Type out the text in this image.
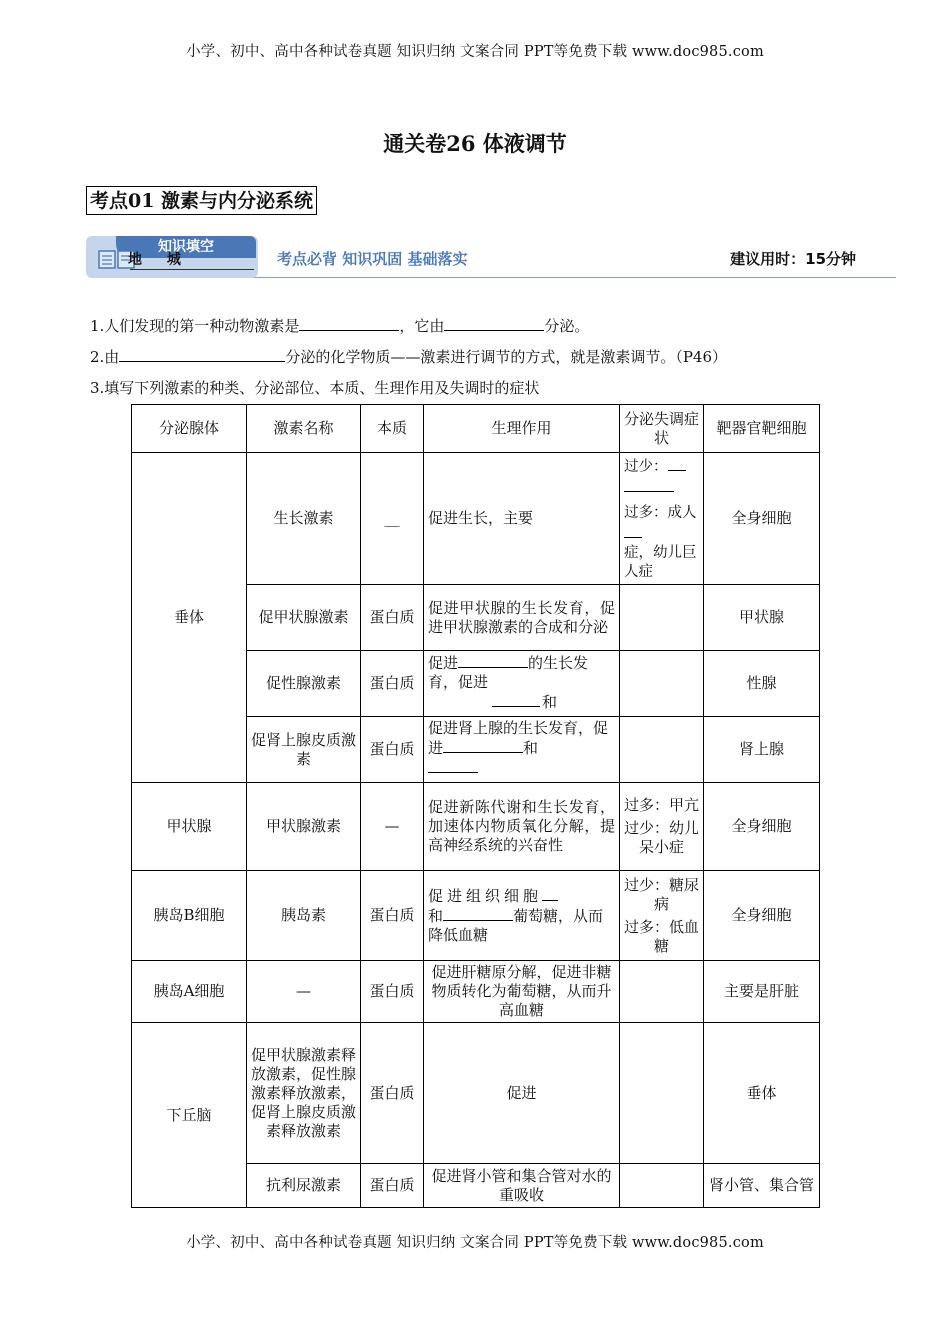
小学、初中、高中各种试卷真题 知识归纳 文案合同 PPT等免费下载 www.doc985.com
通关卷26 体液调节
考点01 激素与内分泌系统
知识填空
地 城	考点必背 知识巩固 基础落实	建议用时：15分钟
1.人们发现的第一种动物激素是	，它由	分泌。
2.由	分泌的化学物质——激素进行调节的方式，就是激素调节。（P46）
3.填写下列激素的种类、分泌部位、本质、生理作用及失调时的症状
分泌腺体	激素名称	本质	生理作用	分泌失调症状	靶器官靶细胞
垂体	生长激素	__	促进生长，主要	过少：

过多：成人
症，幼儿巨人症	全身细胞
	促甲状腺激素	蛋白质	促进甲状腺的生长发育，促进甲状腺激素的合成和分泌		甲状腺
	促性腺激素	蛋白质	促进 的生长发育，促进
和		性腺
	促肾上腺皮质激素	蛋白质	促进肾上腺的生长发育，促进 和		肾上腺
甲状腺	甲状腺激素	—	促进新陈代谢和生长发育，加速体内物质氧化分解，提高神经系统的兴奋性	过多：甲亢
过少：幼儿呆小症	全身细胞
胰岛B细胞	胰岛素	蛋白质	促进组织细胞
和 葡萄糖，从而降低血糖	过少：糖尿病
过多：低血糖	全身细胞
胰岛A细胞	—	蛋白质	促进肝糖原分解，促进非糖物质转化为葡萄糖，从而升高血糖		主要是肝脏
下丘脑	促甲状腺激素释放激素，促性腺激素释放激素，促肾上腺皮质激素释放激素	蛋白质	促进		垂体
	抗利尿激素	蛋白质	促进肾小管和集合管对水的重吸收		肾小管、集合管
小学、初中、高中各种试卷真题 知识归纳 文案合同 PPT等免费下载 www.doc985.com
